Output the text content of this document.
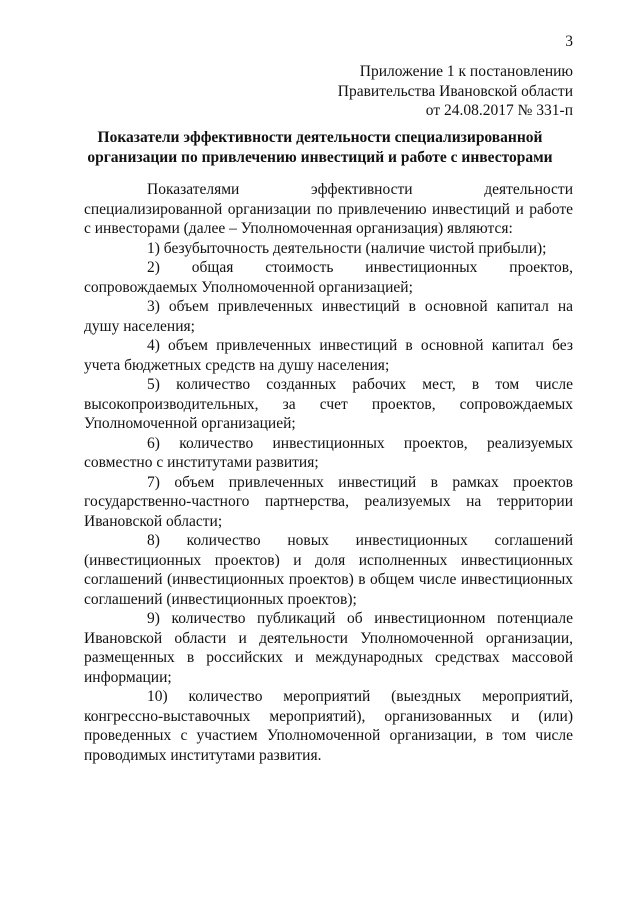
3
Приложение 1 к постановлению
Правительства Ивановской области
от 24.08.2017 № 331-п
Показатели эффективности деятельности специализированной
организации по привлечению инвестиций и работе с инвесторами

Показателями эффективности деятельности специализированной организации по привлечению инвестиций и работе с инвесторами (далее – Уполномоченная организация) являются:

1) безубыточность деятельности (наличие чистой прибыли);

2) общая стоимость инвестиционных проектов, сопровождаемых Уполномоченной организацией;

3) объем привлеченных инвестиций в основной капитал на душу населения;

4) объем привлеченных инвестиций в основной капитал без учета бюджетных средств на душу населения;

5) количество созданных рабочих мест, в том числе высокопроизводительных, за счет проектов, сопровождаемых Уполномоченной организацией;

6) количество инвестиционных проектов, реализуемых совместно с институтами развития;

7) объем привлеченных инвестиций в рамках проектов государственно-частного партнерства, реализуемых на территории Ивановской области;

8) количество новых инвестиционных соглашений (инвестиционных проектов) и доля исполненных инвестиционных соглашений (инвестиционных проектов) в общем числе инвестиционных соглашений (инвестиционных проектов);

9) количество публикаций об инвестиционном потенциале Ивановской области и деятельности Уполномоченной организации, размещенных в российских и международных средствах массовой информации;

10) количество мероприятий (выездных мероприятий, конгрессно-выставочных мероприятий), организованных и (или) проведенных с участием Уполномоченной организации, в том числе проводимых институтами развития.
